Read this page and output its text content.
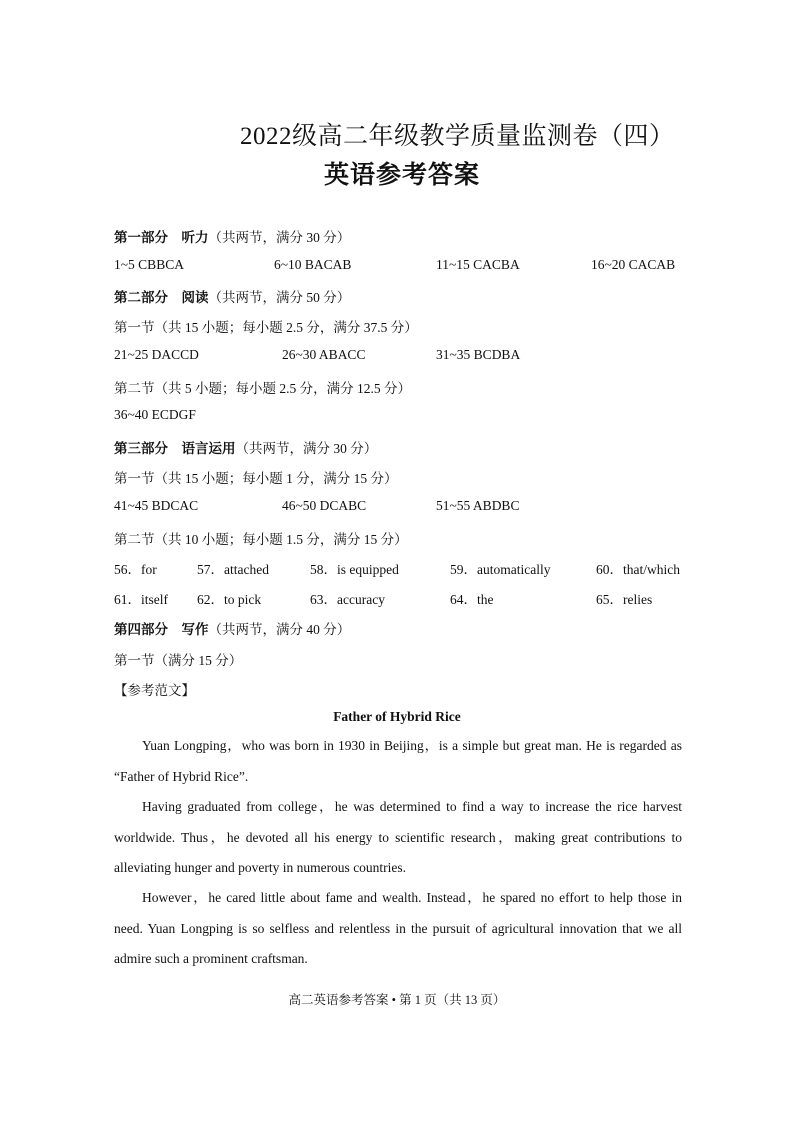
2022级高二年级教学质量监测卷（四）
英语参考答案
第一部分　听力（共两节，满分 30 分）
1~5 CBBCA	6~10 BACAB	11~15 CACBA	16~20 CACAB
第二部分　阅读（共两节，满分 50 分）
第一节（共 15 小题；每小题 2.5 分，满分 37.5 分）
21~25 DACCD	26~30 ABACC	31~35 BCDBA
第二节（共 5 小题；每小题 2.5 分，满分 12.5 分）
36~40 ECDGF
第三部分　语言运用（共两节，满分 30 分）
第一节（共 15 小题；每小题 1 分，满分 15 分）
41~45 BDCAC	46~50 DCABC	51~55 ABDBC
第二节（共 10 小题；每小题 1.5 分，满分 15 分）
56．for	57．attached	58．is equipped	59．automatically	60．that/which
61．itself 62．to pick	63．accuracy	64．the	65．relies
第四部分　写作（共两节，满分 40 分）
第一节（满分 15 分）
【参考范文】
Father of Hybrid Rice
Yuan Longping，who was born in 1930 in Beijing，is a simple but great man. He is regarded as “Father of Hybrid Rice”.
Having graduated from college，he was determined to find a way to increase the rice harvest worldwide. Thus，he devoted all his energy to scientific research，making great contributions to alleviating hunger and poverty in numerous countries.
However，he cared little about fame and wealth. Instead，he spared no effort to help those in need. Yuan Longping is so selfless and relentless in the pursuit of agricultural innovation that we all admire such a prominent craftsman.
高二英语参考答案 • 第 1 页（共 13 页）
